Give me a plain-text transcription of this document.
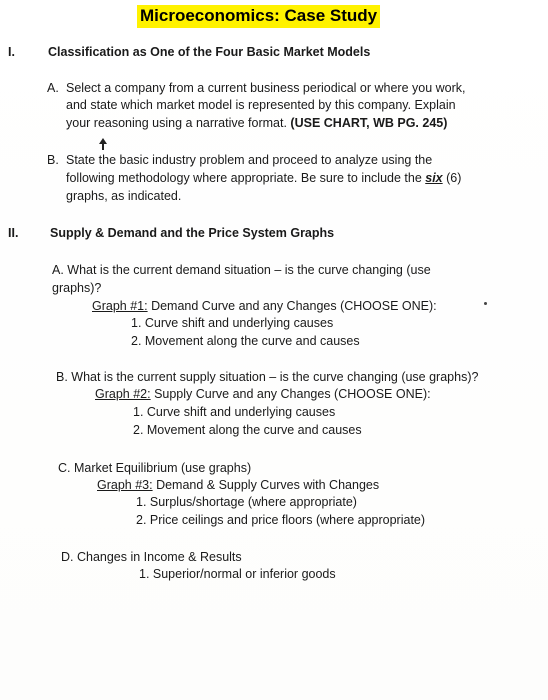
Microeconomics: Case Study
I.	Classification as One of the Four Basic Market Models
A. Select a company from a current business periodical or where you work,
and state which market model is represented by this company. Explain
your reasoning using a narrative format. (USE CHART, WB PG. 245)
B. State the basic industry problem and proceed to analyze using the
following methodology where appropriate. Be sure to include the six (6)
graphs, as indicated.
II.	Supply & Demand and the Price System Graphs
A. What is the current demand situation – is the curve changing (use
graphs)?
Graph #1: Demand Curve and any Changes (CHOOSE ONE):
1. Curve shift and underlying causes
2. Movement along the curve and causes
B. What is the current supply situation – is the curve changing (use graphs)?
Graph #2: Supply Curve and any Changes (CHOOSE ONE):
1. Curve shift and underlying causes
2. Movement along the curve and causes
C. Market Equilibrium (use graphs)
Graph #3: Demand & Supply Curves with Changes
1. Surplus/shortage (where appropriate)
2. Price ceilings and price floors (where appropriate)
D. Changes in Income & Results
1. Superior/normal or inferior goods
